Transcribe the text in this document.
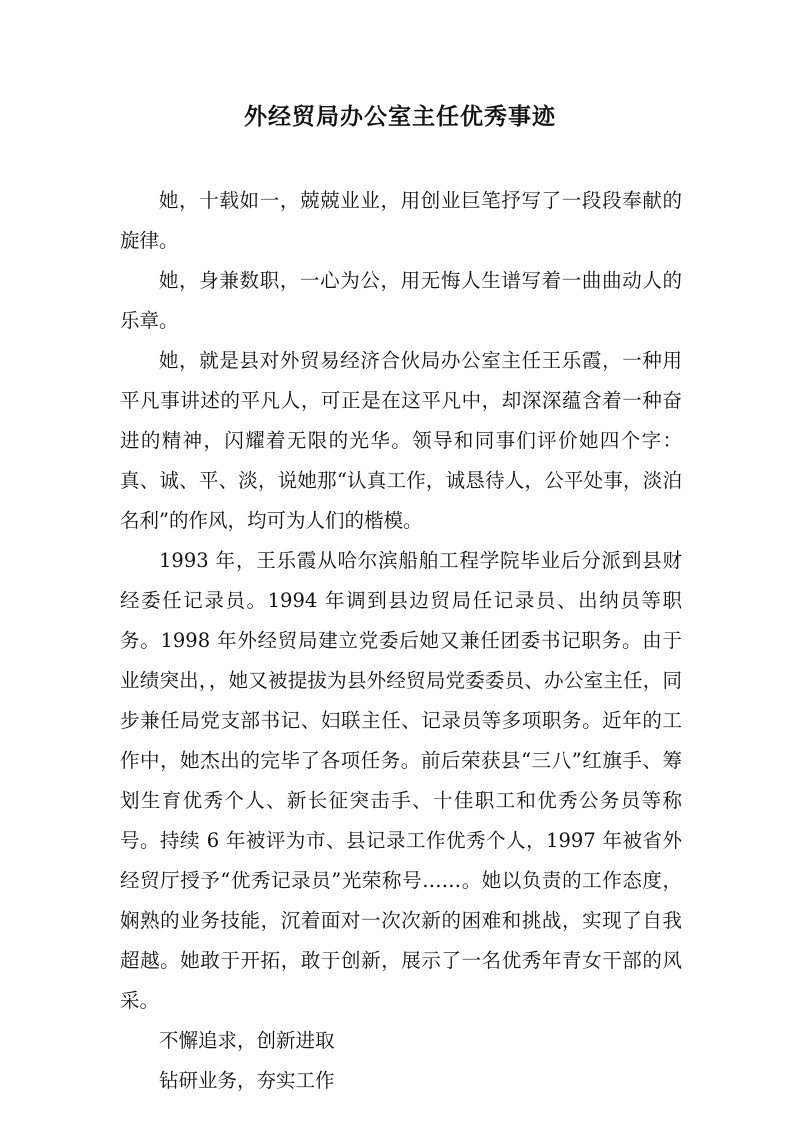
外经贸局办公室主任优秀事迹

她，十载如一，兢兢业业，用创业巨笔抒写了一段段奉献的旋律。

她，身兼数职，一心为公，用无悔人生谱写着一曲曲动人的乐章。

她，就是县对外贸易经济合伙局办公室主任王乐霞，一种用平凡事讲述的平凡人，可正是在这平凡中，却深深蕴含着一种奋进的精神，闪耀着无限的光华。领导和同事们评价她四个字：真、诚、平、淡，说她那“认真工作，诚恳待人，公平处事，淡泊名利”的作风，均可为人们的楷模。

1993 年，王乐霞从哈尔滨船舶工程学院毕业后分派到县财经委任记录员。1994 年调到县边贸局任记录员、出纳员等职务。1998 年外经贸局建立党委后她又兼任团委书记职务。由于业绩突出，，她又被提拔为县外经贸局党委委员、办公室主任，同步兼任局党支部书记、妇联主任、记录员等多项职务。近年的工作中，她杰出的完毕了各项任务。前后荣获县“三八”红旗手、筹划生育优秀个人、新长征突击手、十佳职工和优秀公务员等称号。持续 6 年被评为市、县记录工作优秀个人，1997 年被省外经贸厅授予“优秀记录员”光荣称号……。她以负责的工作态度，娴熟的业务技能，沉着面对一次次新的困难和挑战，实现了自我超越。她敢于开拓，敢于创新，展示了一名优秀年青女干部的风采。

不懈追求，创新进取

钻研业务，夯实工作
